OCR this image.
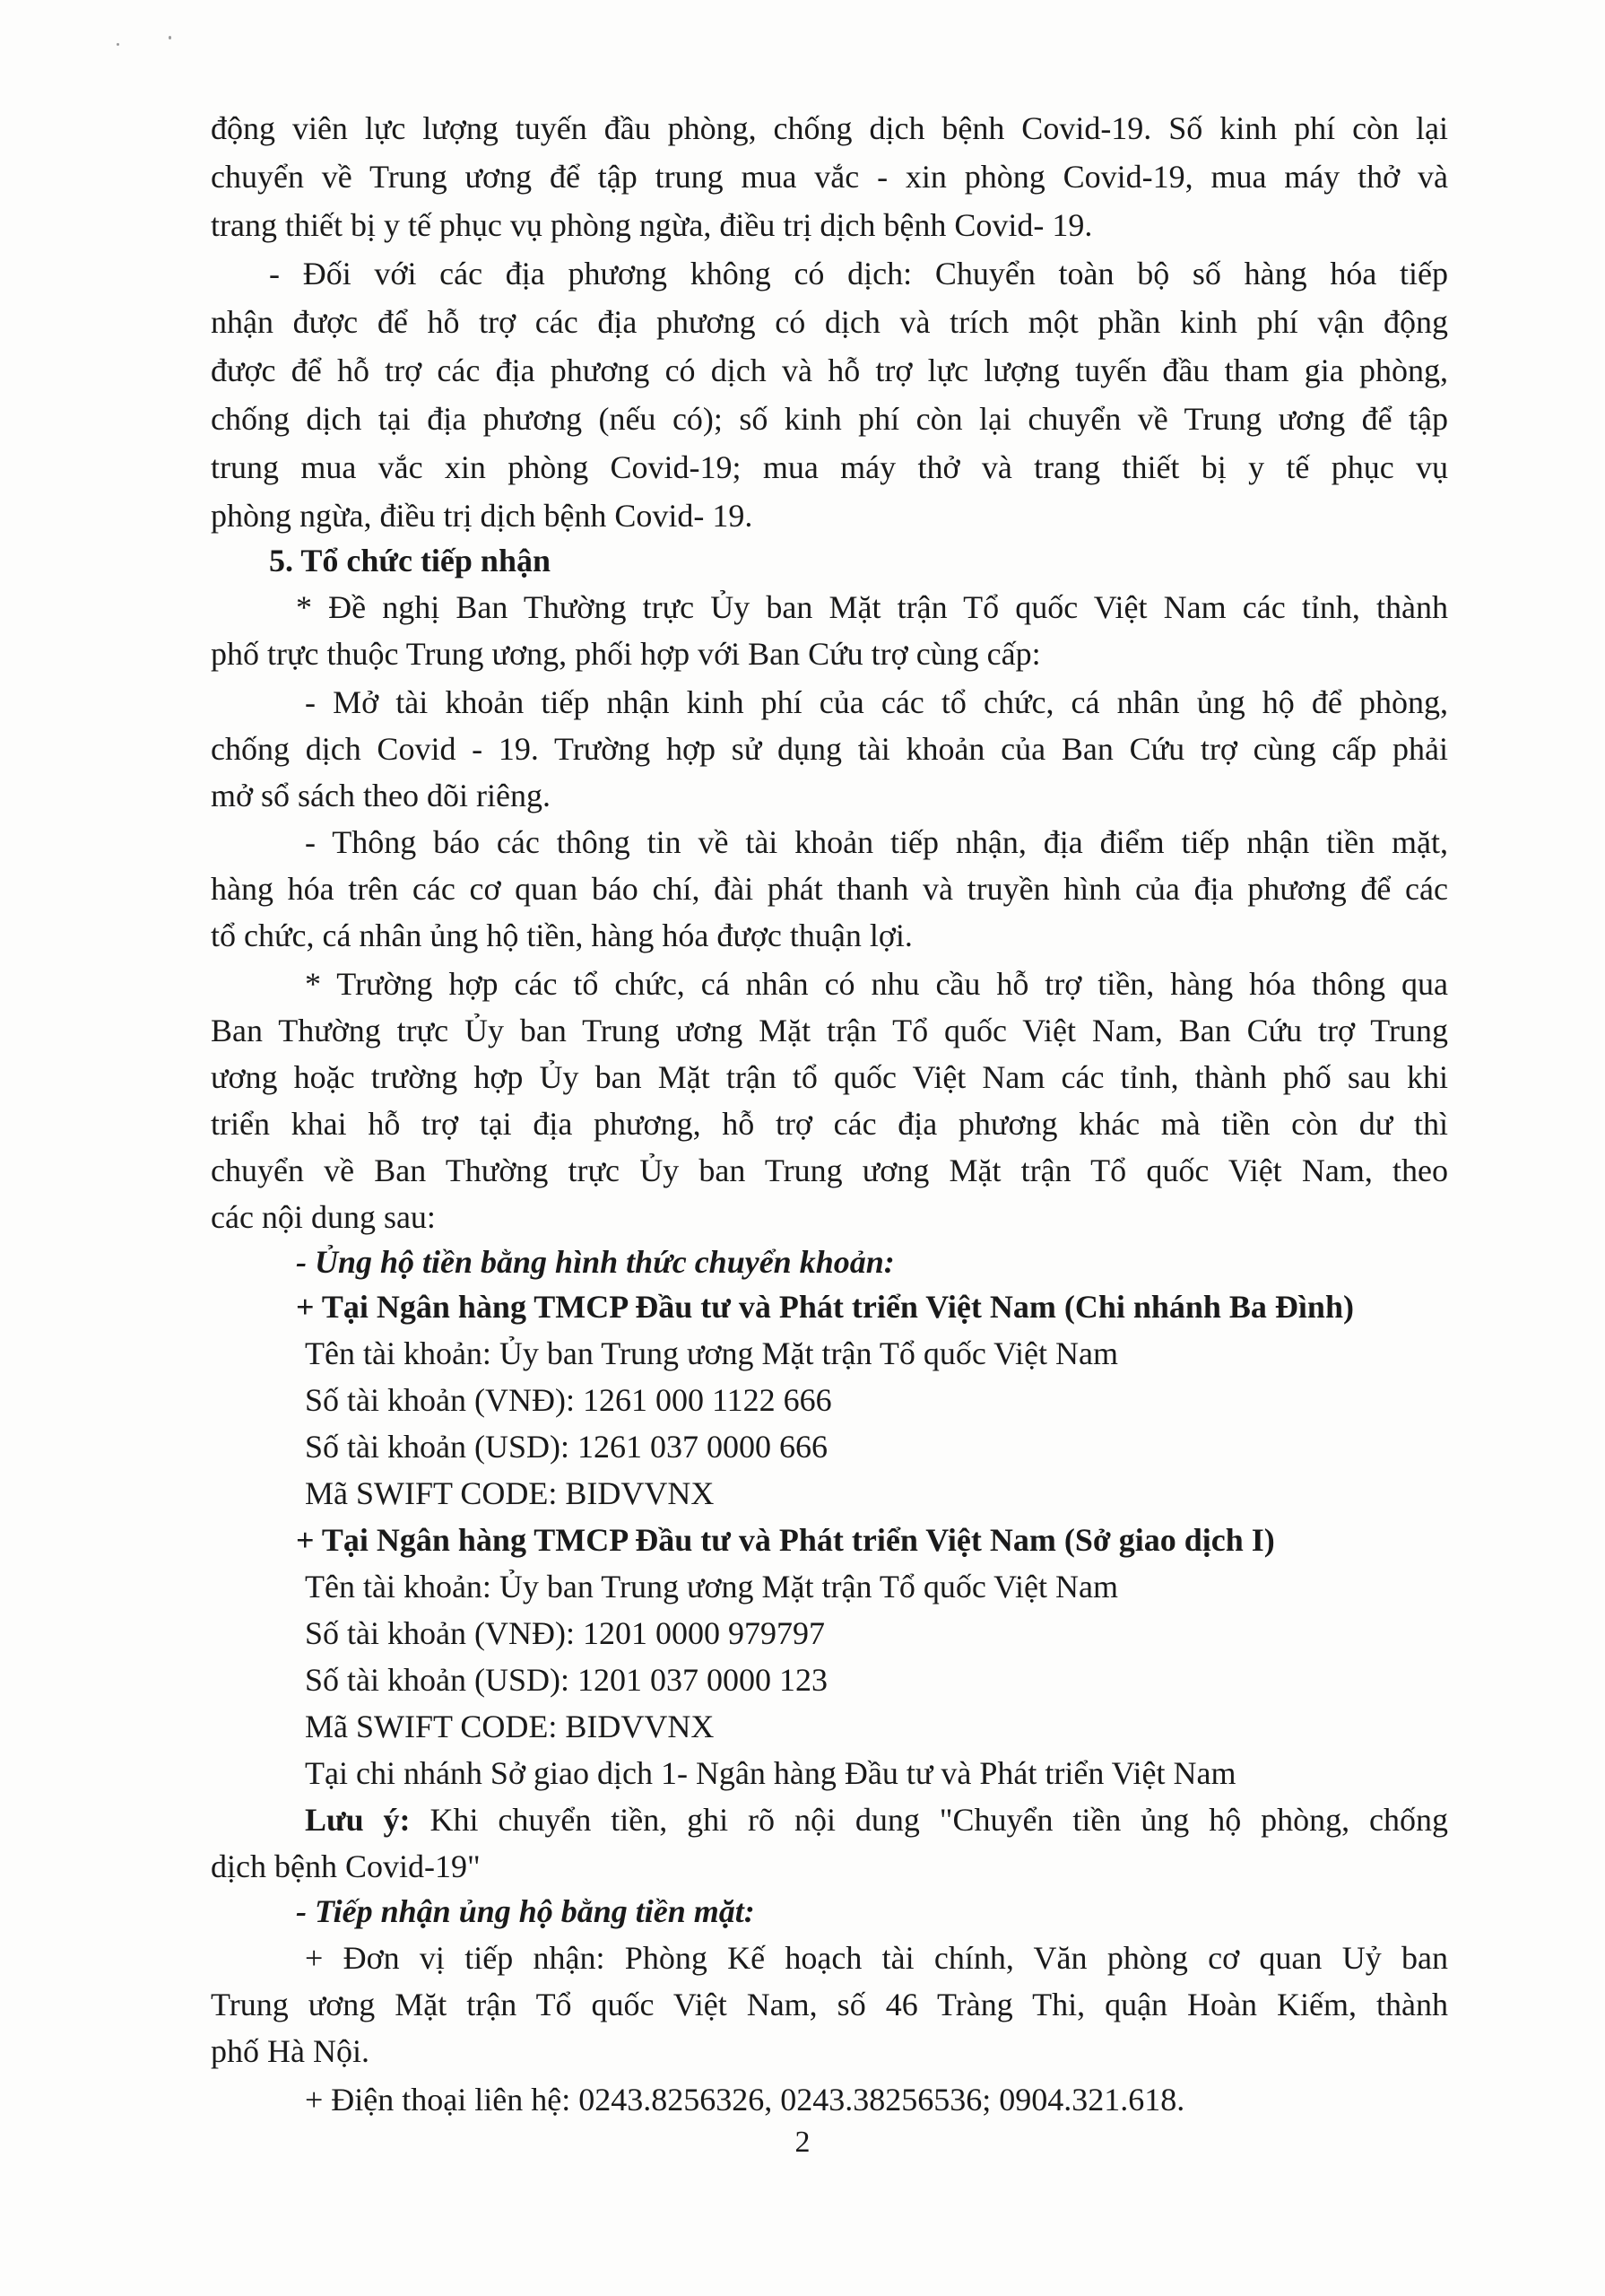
động viên lực lượng tuyến đầu phòng, chống dịch bệnh Covid-19. Số kinh phí còn lại
chuyển về Trung ương để tập trung mua vắc - xin phòng Covid-19, mua máy thở và
trang thiết bị y tế phục vụ phòng ngừa, điều trị dịch bệnh Covid- 19.
- Đối với các địa phương không có dịch: Chuyển toàn bộ số hàng hóa tiếp
nhận được để hỗ trợ các địa phương có dịch và trích một phần kinh phí vận động
được để hỗ trợ các địa phương có dịch và hỗ trợ lực lượng tuyến đầu tham gia phòng,
chống dịch tại địa phương (nếu có); số kinh phí còn lại chuyển về Trung ương để tập
trung mua vắc xin phòng Covid-19; mua máy thở và trang thiết bị y tế phục vụ
phòng ngừa, điều trị dịch bệnh Covid- 19.
5. Tổ chức tiếp nhận
* Đề nghị Ban Thường trực Ủy ban Mặt trận Tổ quốc Việt Nam các tỉnh, thành
phố trực thuộc Trung ương, phối hợp với Ban Cứu trợ cùng cấp:
- Mở tài khoản tiếp nhận kinh phí của các tổ chức, cá nhân ủng hộ để phòng,
chống dịch Covid - 19. Trường hợp sử dụng tài khoản của Ban Cứu trợ cùng cấp phải
mở sổ sách theo dõi riêng.
- Thông báo các thông tin về tài khoản tiếp nhận, địa điểm tiếp nhận tiền mặt,
hàng hóa trên các cơ quan báo chí, đài phát thanh và truyền hình của địa phương để các
tổ chức, cá nhân ủng hộ tiền, hàng hóa được thuận lợi.
* Trường hợp các tổ chức, cá nhân có nhu cầu hỗ trợ tiền, hàng hóa thông qua
Ban Thường trực Ủy ban Trung ương Mặt trận Tổ quốc Việt Nam, Ban Cứu trợ Trung
ương hoặc trường hợp Ủy ban Mặt trận tổ quốc Việt Nam các tỉnh, thành phố sau khi
triển khai hỗ trợ tại địa phương, hỗ trợ các địa phương khác mà tiền còn dư thì
chuyển về Ban Thường trực Ủy ban Trung ương Mặt trận Tổ quốc Việt Nam, theo
các nội dung sau:
- Ủng hộ tiền bằng hình thức chuyển khoản:
+ Tại Ngân hàng TMCP Đầu tư và Phát triển Việt Nam (Chi nhánh Ba Đình)
Tên tài khoản: Ủy ban Trung ương Mặt trận Tổ quốc Việt Nam
Số tài khoản (VNĐ): 1261 000 1122 666
Số tài khoản (USD): 1261 037 0000 666
Mã SWIFT CODE: BIDVVNX
+ Tại Ngân hàng TMCP Đầu tư và Phát triển Việt Nam (Sở giao dịch I)
Tên tài khoản: Ủy ban Trung ương Mặt trận Tổ quốc Việt Nam
Số tài khoản (VNĐ): 1201 0000 979797
Số tài khoản (USD): 1201 037 0000 123
Mã SWIFT CODE: BIDVVNX
Tại chi nhánh Sở giao dịch 1- Ngân hàng Đầu tư và Phát triển Việt Nam
Lưu ý: Khi chuyển tiền, ghi rõ nội dung "Chuyển tiền ủng hộ phòng, chống
dịch bệnh Covid-19"
- Tiếp nhận ủng hộ bằng tiền mặt:
+ Đơn vị tiếp nhận: Phòng Kế hoạch tài chính, Văn phòng cơ quan Uỷ ban
Trung ương Mặt trận Tổ quốc Việt Nam, số 46 Tràng Thi, quận Hoàn Kiếm, thành
phố Hà Nội.
+ Điện thoại liên hệ: 0243.8256326, 0243.38256536; 0904.321.618.
2
